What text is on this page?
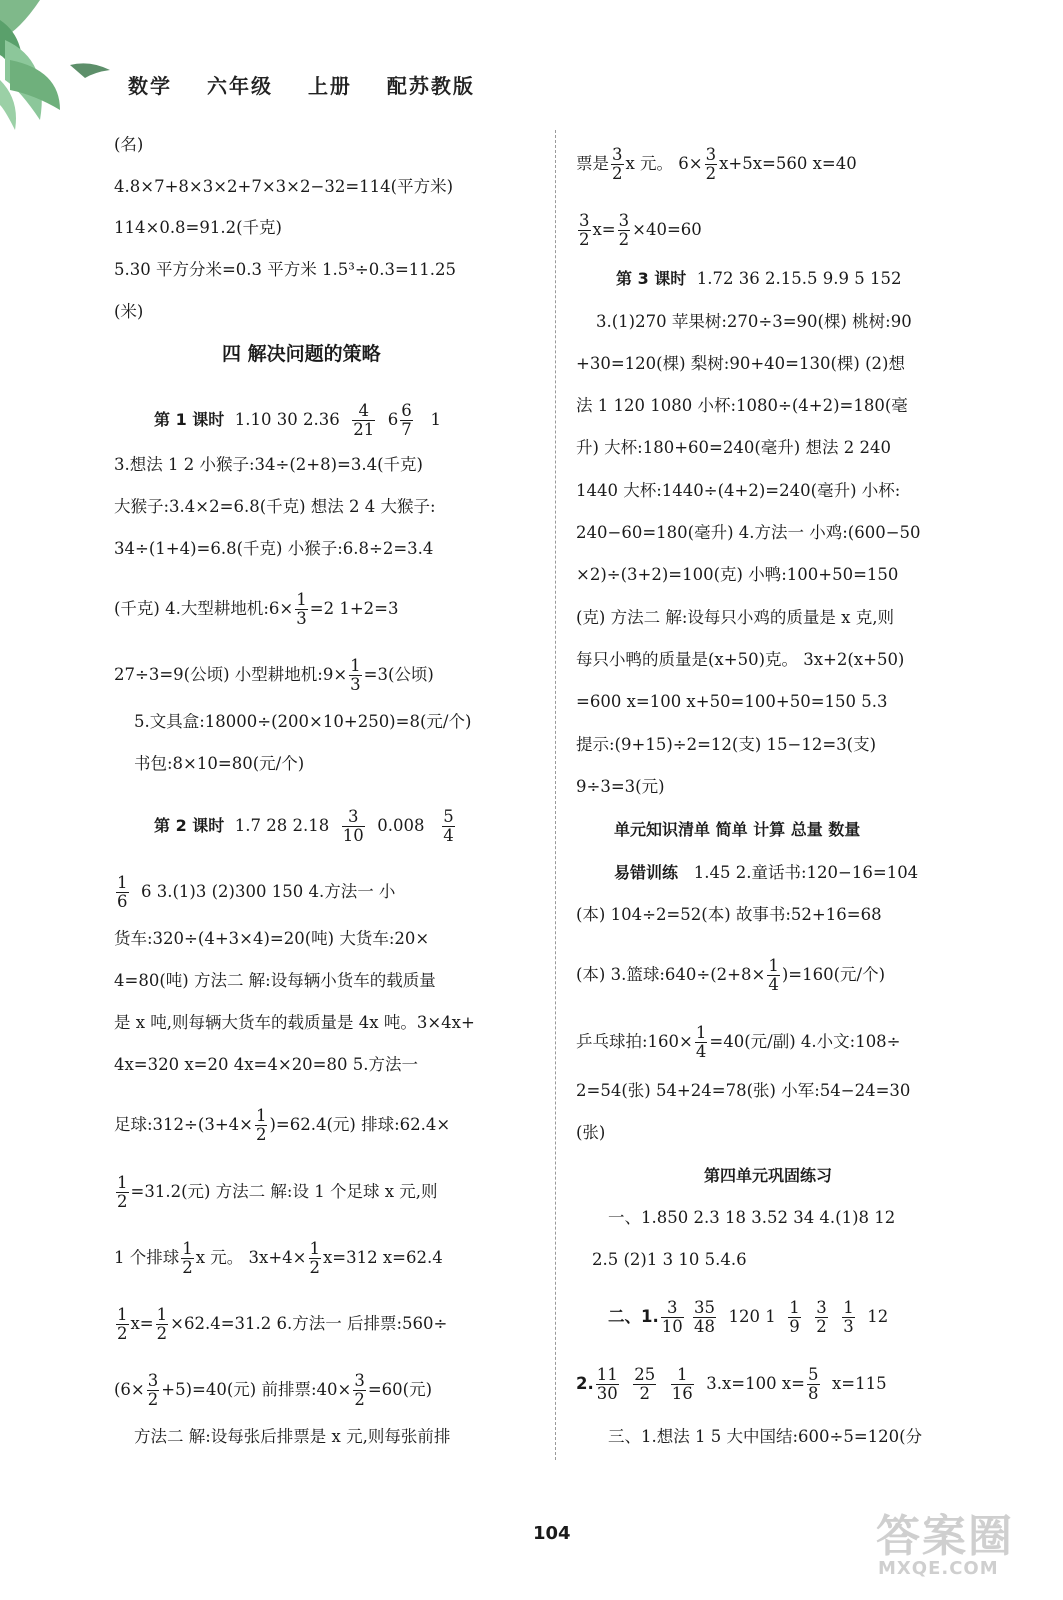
数学 六年级 上册 配苏教版
(名)
4.8×7+8×3×2+7×3×2−32=114(平方米)
114×0.8=91.2(千克)
5.30 平方分米=0.3 平方米 1.5³÷0.3=11.25
(米)
四 解决问题的策略
第 1 课时 1.10 30 $2.36 \frac{4}{21} 6 \frac{6}{7} 1$
3.想法 1 2 小猴子:34÷(2+8)=3.4(千克)
大猴子:3.4×2=6.8(千克) 想法 2 4 大猴子:
34÷(1+4)=6.8(千克) 小猴子:6.8÷2=3.4
(千克) 4.大型耕地机:6× $\frac{1}{3} =2$ 1+2=3
27÷3=9(公顷) 小型耕地机:9× $\frac{1}{3} =3$(公顷)
5.文具盒:18000÷(200×10+250)=8(元/个)
书包:8×10=80(元/个)
第 2 课时 1.7 28 $2.18 \frac{3}{10} 0.008 \frac{5}{4}$
$\frac{1}{6} 6$ 3.(1)3 (2)300 150 4.方法一 小
货车:320÷(4+3×4)=20(吨) 大货车:20×
4=80(吨) 方法二 解:设每辆小货车的载质量
是 x 吨,则每辆大货车的载质量是 4x 吨。3×4x+
4x=320 x=20 4x=4×20=80 5.方法一
足球:312÷(3+4× $\frac{1}{2} )=62.4$(元) 排球:62.4×
$\frac{1}{2} =31.2$(元) 方法二 解:设 1 个足球 x 元,则
1 个排球 $\frac{1}{2}$ x 元。 $3x+4\times \frac{1}{2} x=312$ x=62.4
$\frac{1}{2} x= \frac{1}{2} \times 62.4=31.2$ 6.方法一 后排票:560÷
$(6\times \frac{3}{2} +5)=40$(元) 前排票:40× $\frac{3}{2} =60$(元)
方法二 解:设每张后排票是 x 元,则每张前排
票是 $\frac{3}{2}$ x 元。 $6\times \frac{3}{2} x+5x=560$ x=40
$\frac{3}{2} x= \frac{3}{2} \times 40=60$
第 3 课时 1.72 36 2.15.5 9.9 5 152
3.(1)270 苹果树:270÷3=90(棵) 桃树:90
+30=120(棵) 梨树:90+40=130(棵) (2)想
法 1 120 1080 小杯:1080÷(4+2)=180(毫
升) 大杯:180+60=240(毫升) 想法 2 240
1440 大杯:1440÷(4+2)=240(毫升) 小杯:
240−60=180(毫升) 4.方法一 小鸡:(600−50
×2)÷(3+2)=100(克) 小鸭:100+50=150
(克) 方法二 解:设每只小鸡的质量是 x 克,则
每只小鸭的质量是(x+50)克。 3x+2(x+50)
=600 x=100 x+50=100+50=150 5.3
提示:(9+15)÷2=12(支) 15−12=3(支)
9÷3=3(元)
单元知识清单 简单 计算 总量 数量
易错训练 1.45 2.童话书:120−16=104
(本) 104÷2=52(本) 故事书:52+16=68
(本) 3.篮球:640÷(2+8× $\frac{1}{4} )=160$(元/个)
乒乓球拍:160× $\frac{1}{4} =40$(元/副) 4.小文:108÷
2=54(张) 54+24=78(张) 小军:54−24=30
(张)
第四单元巩固练习
一、1.850 2.3 18 3.52 34 4.(1)8 12
2.5 (2)1 3 10 5.4.6
二、1. $\frac{3}{10}$
$\frac{35}{48} 120$ $1 \frac{1}{9}$
$\frac{3}{2}$
$\frac{1}{3} 12$
2. $\frac{11}{30}$
$\frac{25}{2}$
$\frac{1}{16} 3.x=100$ $x= \frac{5}{8} x=115$
三、1.想法 1 5 大中国结:600÷5=120(分
104	答案圈
MXQE.COM
